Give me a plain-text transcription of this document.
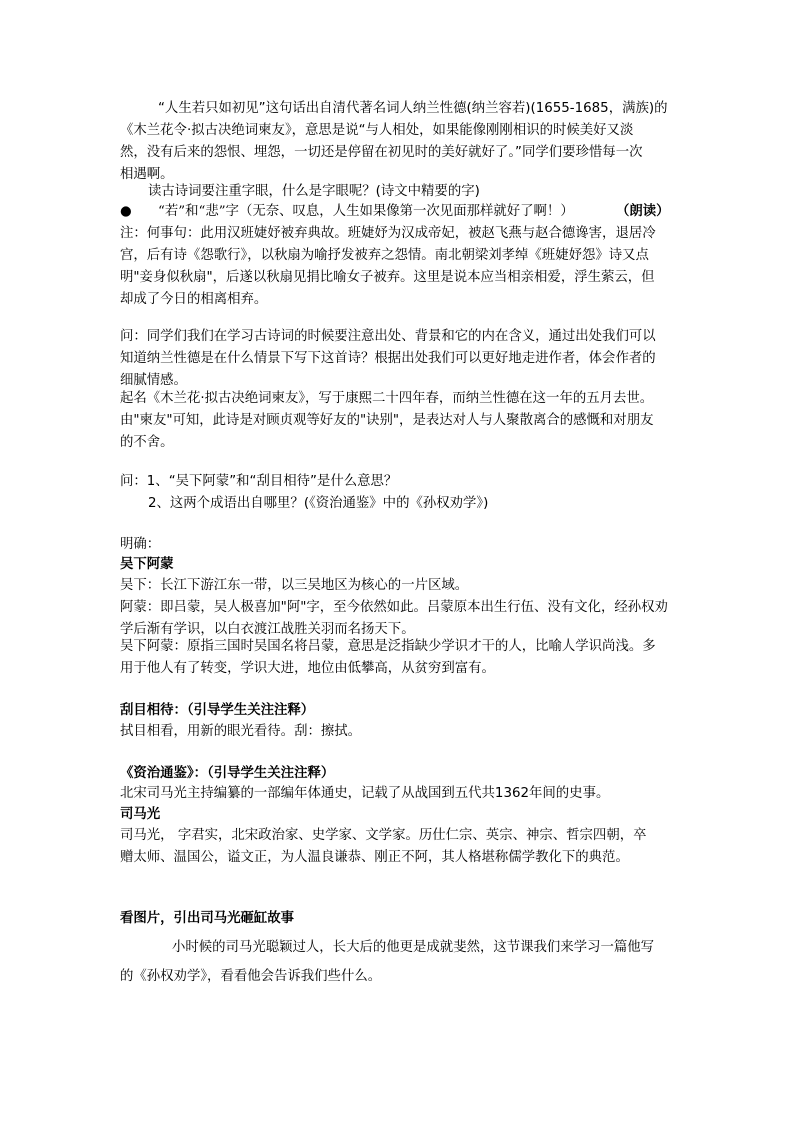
“人生若只如初见”这句话出自清代著名词人纳兰性德(纳兰容若)(1655-1685，满族)的
《木兰花令·拟古决绝词柬友》，意思是说“与人相处，如果能像刚刚相识的时候美好又淡
然，没有后来的怨恨、埋怨，一切还是停留在初见时的美好就好了。”同学们要珍惜每一次
相遇啊。
读古诗词要注重字眼，什么是字眼呢？(诗文中精要的字)
●	“若”和“悲”字（无奈、叹息，人生如果像第一次见面那样就好了啊！）	（朗读）
注：何事句：此用汉班婕妤被弃典故。班婕妤为汉成帝妃，被赵飞燕与赵合德谗害，退居冷
宫，后有诗《怨歌行》，以秋扇为喻抒发被弃之怨情。南北朝梁刘孝绰《班婕妤怨》诗又点
明"妾身似秋扇"，后遂以秋扇见捐比喻女子被弃。这里是说本应当相亲相爱，浮生萦云，但
却成了今日的相离相弃。
问：同学们我们在学习古诗词的时候要注意出处、背景和它的内在含义，通过出处我们可以
知道纳兰性德是在什么情景下写下这首诗？根据出处我们可以更好地走进作者，体会作者的
细腻情感。
起名《木兰花·拟古决绝词柬友》，写于康熙二十四年春，而纳兰性德在这一年的五月去世。
由"柬友"可知，此诗是对顾贞观等好友的"诀别"，是表达对人与人聚散离合的感慨和对朋友
的不舍。
问：1、“吴下阿蒙”和“刮目相待”是什么意思？
2、这两个成语出自哪里？(《资治通鉴》中的《孙权劝学》)
明确：
吴下阿蒙
吴下：长江下游江东一带，以三吴地区为核心的一片区域。
阿蒙：即吕蒙，吴人极喜加"阿"字，至今依然如此。吕蒙原本出生行伍、没有文化，经孙权劝
学后渐有学识，以白衣渡江战胜关羽而名扬天下。
吴下阿蒙：原指三国时吴国名将吕蒙，意思是泛指缺少学识才干的人，比喻人学识尚浅。多
用于他人有了转变，学识大进，地位由低攀高，从贫穷到富有。
刮目相待：（引导学生关注注释）
拭目相看，用新的眼光看待。刮：擦拭。
《资治通鉴》：（引导学生关注注释）
北宋司马光主持编纂的一部编年体通史，记载了从战国到五代共1362年间的史事。
司马光
司马光， 字君实，北宋政治家、史学家、文学家。历仕仁宗、英宗、神宗、哲宗四朝，卒
赠太师、温国公，谥文正，为人温良谦恭、刚正不阿，其人格堪称儒学教化下的典范。
看图片，引出司马光砸缸故事
小时候的司马光聪颖过人，长大后的他更是成就斐然，这节课我们来学习一篇他写
的《孙权劝学》，看看他会告诉我们些什么。
